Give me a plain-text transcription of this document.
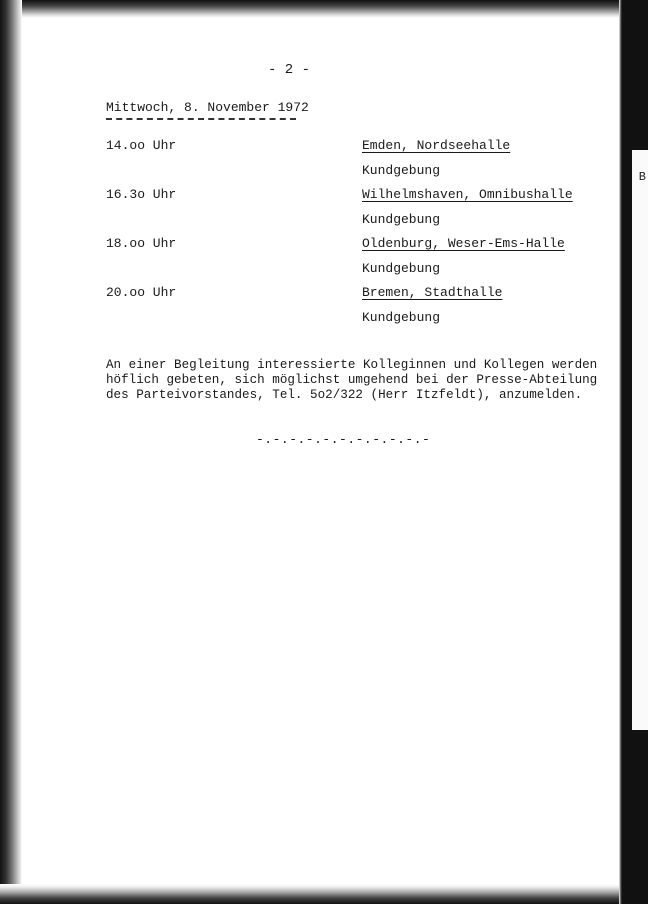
B
- 2 -
Mittwoch, 8. November 1972
14.oo Uhr	Emden, Nordseehalle
Kundgebung
16.3o Uhr	Wilhelmshaven, Omnibushalle
Kundgebung
18.oo Uhr	Oldenburg, Weser-Ems-Halle
Kundgebung
20.oo Uhr	Bremen, Stadthalle
Kundgebung

An einer Begleitung interessierte Kolleginnen und Kollegen werden
höflich gebeten, sich möglichst umgehend bei der Presse-Abteilung
des Parteivorstandes, Tel. 5o2/322 (Herr Itzfeldt), anzumelden.

-.-.-.-.-.-.-.-.-.-.-
